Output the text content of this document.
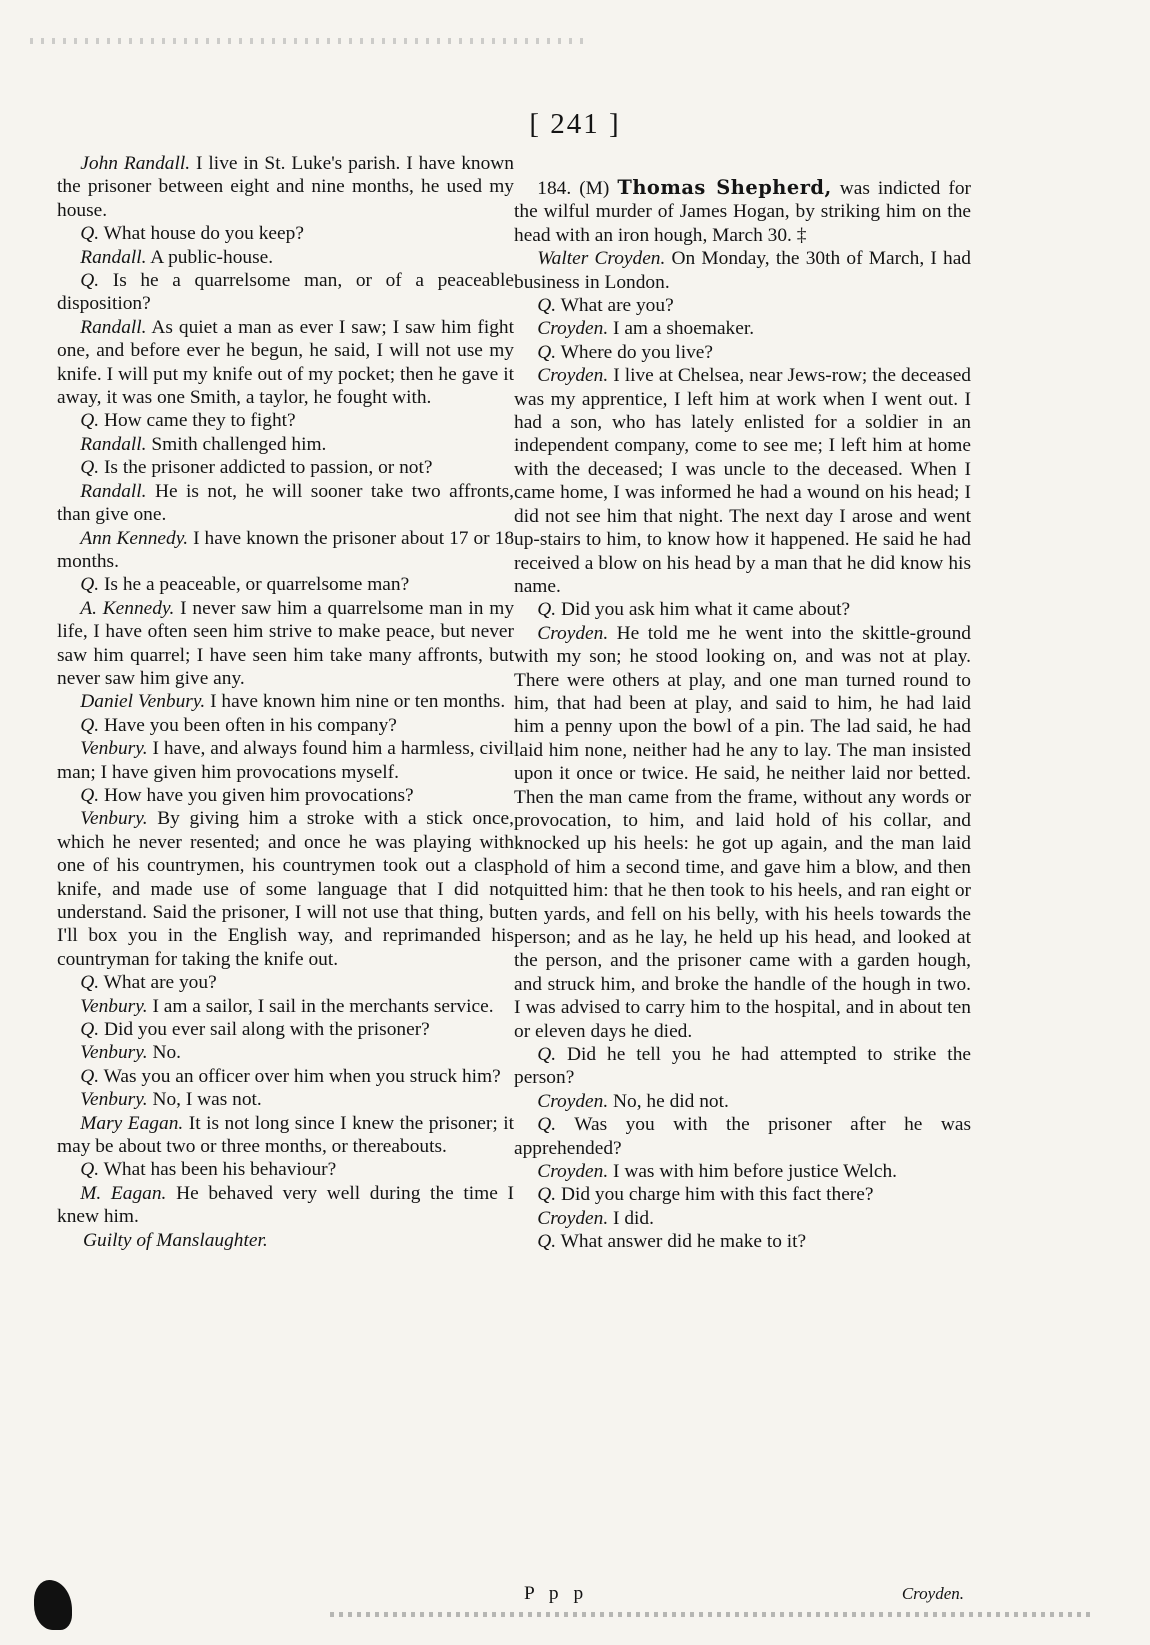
[ 241 ]

John Randall. I live in St. Luke's parish. I have known the prisoner between eight and nine months, he used my house.

Q. What house do you keep?

Randall. A public-house.

Q. Is he a quarrelsome man, or of a peaceable disposition?

Randall. As quiet a man as ever I saw; I saw him fight one, and before ever he begun, he said, I will not use my knife. I will put my knife out of my pocket; then he gave it away, it was one Smith, a taylor, he fought with.

Q. How came they to fight?

Randall. Smith challenged him.

Q. Is the prisoner addicted to passion, or not?

Randall. He is not, he will sooner take two affronts, than give one.

Ann Kennedy. I have known the prisoner about 17 or 18 months.

Q. Is he a peaceable, or quarrelsome man?

A. Kennedy. I never saw him a quarrelsome man in my life, I have often seen him strive to make peace, but never saw him quarrel; I have seen him take many affronts, but never saw him give any.

Daniel Venbury. I have known him nine or ten months.

Q. Have you been often in his company?

Venbury. I have, and always found him a harmless, civil man; I have given him provocations myself.

Q. How have you given him provocations?

Venbury. By giving him a stroke with a stick once, which he never resented; and once he was playing with one of his countrymen, his countrymen took out a clasp knife, and made use of some language that I did not understand. Said the prisoner, I will not use that thing, but I'll box you in the English way, and reprimanded his countryman for taking the knife out.

Q. What are you?

Venbury. I am a sailor, I sail in the merchants service.

Q. Did you ever sail along with the prisoner?

Venbury. No.

Q. Was you an officer over him when you struck him?

Venbury. No, I was not.

Mary Eagan. It is not long since I knew the prisoner; it may be about two or three months, or thereabouts.

Q. What has been his behaviour?

M. Eagan. He behaved very well during the time I knew him.

Guilty of Manslaughter.

184. (M) Thomas Shepherd, was indicted for the wilful murder of James Hogan, by striking him on the head with an iron hough, March 30. ‡

Walter Croyden. On Monday, the 30th of March, I had business in London.

Q. What are you?

Croyden. I am a shoemaker.

Q. Where do you live?

Croyden. I live at Chelsea, near Jews-row; the deceased was my apprentice, I left him at work when I went out. I had a son, who has lately enlisted for a soldier in an independent company, come to see me; I left him at home with the deceased; I was uncle to the deceased. When I came home, I was informed he had a wound on his head; I did not see him that night. The next day I arose and went up-stairs to him, to know how it happened. He said he had received a blow on his head by a man that he did know his name.

Q. Did you ask him what it came about?

Croyden. He told me he went into the skittle-ground with my son; he stood looking on, and was not at play. There were others at play, and one man turned round to him, that had been at play, and said to him, he had laid him a penny upon the bowl of a pin. The lad said, he had laid him none, neither had he any to lay. The man insisted upon it once or twice. He said, he neither laid nor betted. Then the man came from the frame, without any words or provocation, to him, and laid hold of his collar, and knocked up his heels: he got up again, and the man laid hold of him a second time, and gave him a blow, and then quitted him: that he then took to his heels, and ran eight or ten yards, and fell on his belly, with his heels towards the person; and as he lay, he held up his head, and looked at the person, and the prisoner came with a garden hough, and struck him, and broke the handle of the hough in two. I was advised to carry him to the hospital, and in about ten or eleven days he died.

Q. Did he tell you he had attempted to strike the person?

Croyden. No, he did not.

Q. Was you with the prisoner after he was apprehended?

Croyden. I was with him before justice Welch.

Q. Did you charge him with this fact there?

Croyden. I did.

Q. What answer did he make to it?

P p p	Croyden.
